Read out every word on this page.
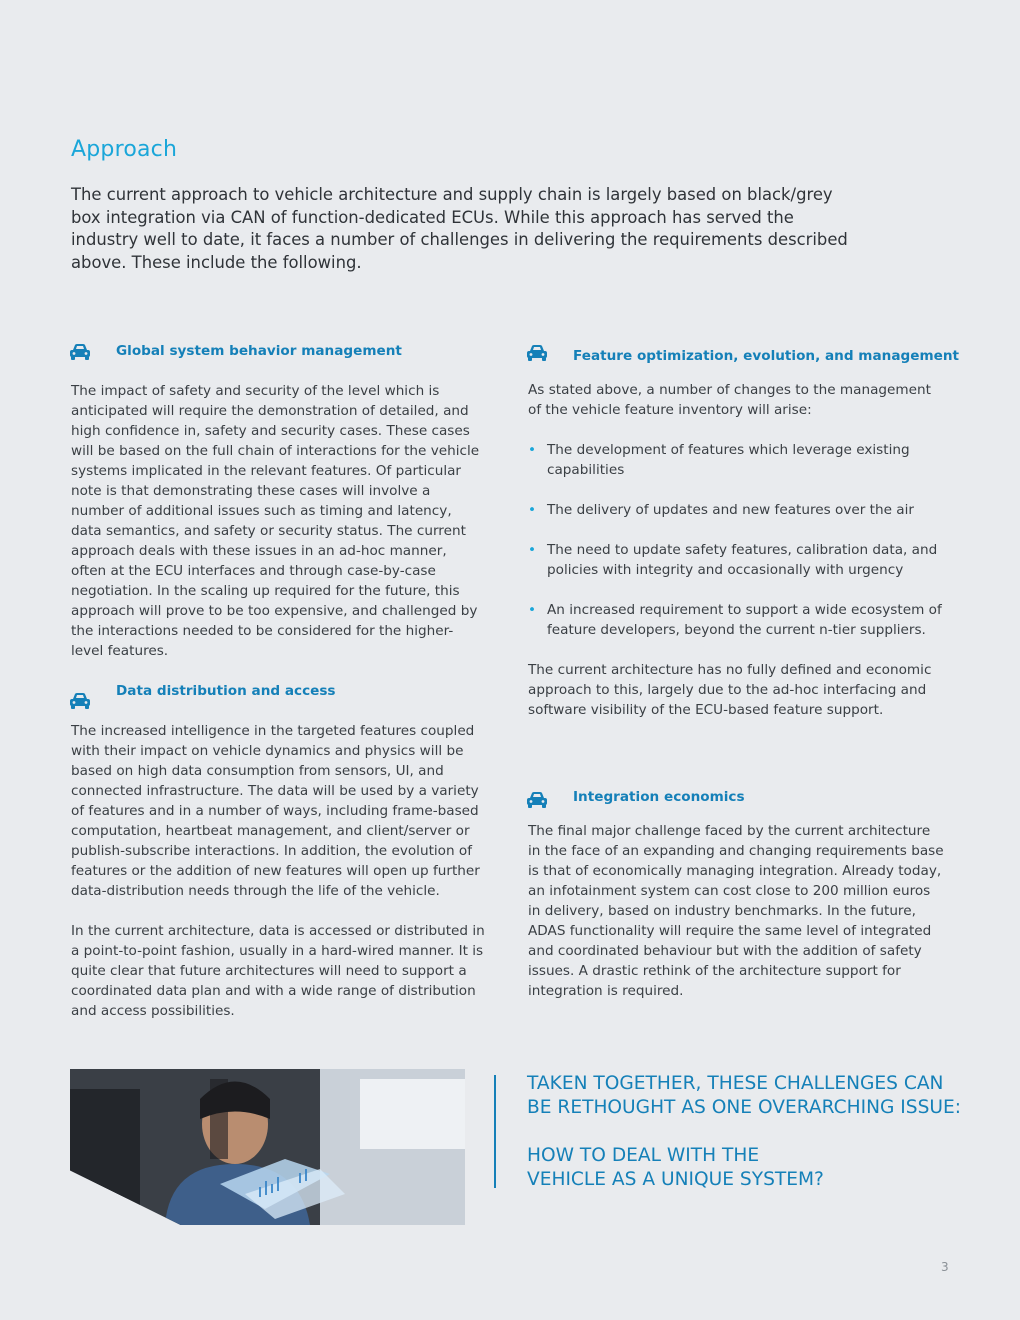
Approach

The current approach to vehicle architecture and supply chain is largely based on black/grey box integration via CAN of function-dedicated ECUs. While this approach has served the industry well to date, it faces a number of challenges in delivering the requirements described above. These include the following.

Global system behavior management

The impact of safety and security of the level which is anticipated will require the demonstration of detailed, and high confidence in, safety and security cases. These cases will be based on the full chain of interactions for the vehicle systems implicated in the relevant features. Of particular note is that demonstrating these cases will involve a number of additional issues such as timing and latency, data semantics, and safety or security status. The current approach deals with these issues in an ad-hoc manner, often at the ECU interfaces and through case-by-case negotiation. In the scaling up required for the future, this approach will prove to be too expensive, and challenged by the interactions needed to be considered for the higher-level features.

Data distribution and access

The increased intelligence in the targeted features coupled with their impact on vehicle dynamics and physics will be based on high data consumption from sensors, UI, and connected infrastructure. The data will be used by a variety of features and in a number of ways, including frame-based computation, heartbeat management, and client/server or publish-subscribe interactions. In addition, the evolution of features or the addition of new features will open up further data-distribution needs through the life of the vehicle.

In the current architecture, data is accessed or distributed in a point-to-point fashion, usually in a hard-wired manner. It is quite clear that future architectures will need to support a coordinated data plan and with a wide range of distribution and access possibilities.

Feature optimization, evolution, and management

As stated above, a number of changes to the management of the vehicle feature inventory will arise:

• The development of features which leverage existing capabilities
• The delivery of updates and new features over the air
• The need to update safety features, calibration data, and policies with integrity and occasionally with urgency
• An increased requirement to support a wide ecosystem of feature developers, beyond the current n-tier suppliers.

The current architecture has no fully defined and economic approach to this, largely due to the ad-hoc interfacing and software visibility of the ECU-based feature support.

Integration economics

The final major challenge faced by the current architecture in the face of an expanding and changing requirements base is that of economically managing integration. Already today, an infotainment system can cost close to 200 million euros in delivery, based on industry benchmarks. In the future, ADAS functionality will require the same level of integrated and coordinated behaviour but with the addition of safety issues. A drastic rethink of the architecture support for integration is required.

TAKEN TOGETHER, THESE CHALLENGES CAN
BE RETHOUGHT AS ONE OVERARCHING ISSUE:
HOW TO DEAL WITH THE
VEHICLE AS A UNIQUE SYSTEM?

3
